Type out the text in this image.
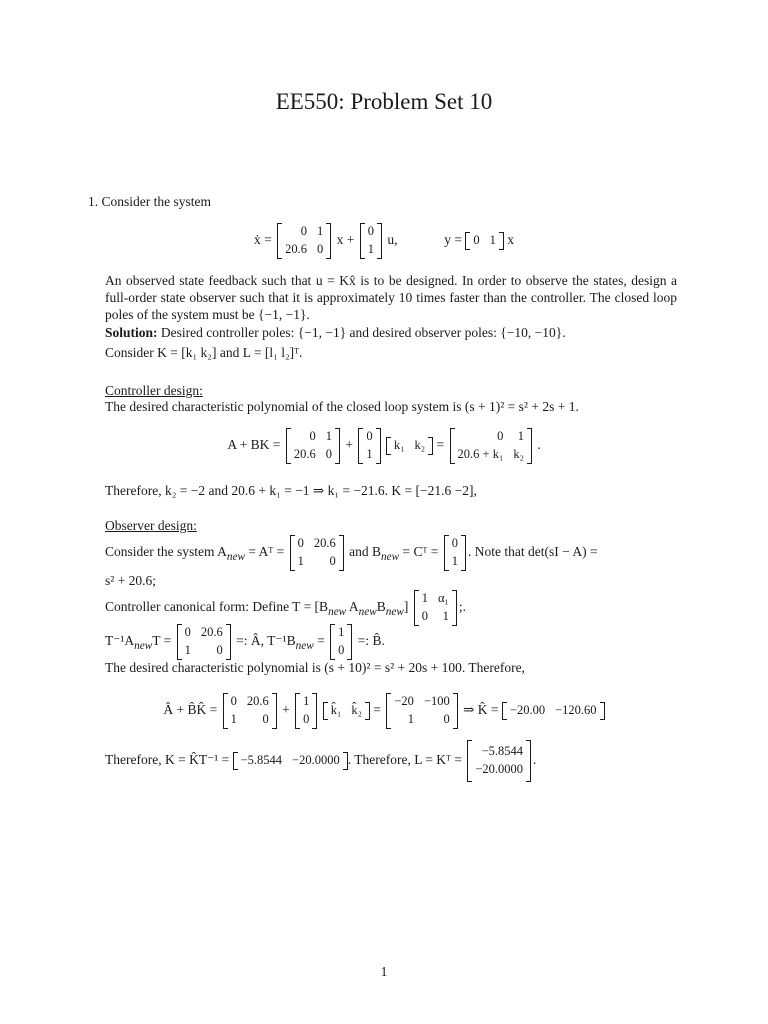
EE550: Problem Set 10
1. Consider the system
ẋ =
0 1
20.6 0
x +
0
1
u,	y = 0 1 x
An observed state feedback such that u = Kx̂ is to be designed. In order to observe the states, design a full-order state observer such that it is approximately 10 times faster than the controller. The closed loop poles of the system must be {−1, −1}.
Solution: Desired controller poles: {−1, −1} and desired observer poles: {−10, −10}.
Consider K = [k₁ k₂] and L = [l₁ l₂]ᵀ.
Controller design:
The desired characteristic polynomial of the closed loop system is (s + 1)² = s² + 2s + 1.
A + BK =
0 1
20.6 0
+
0
1

k₁ k₂ =
0	1
20.6 + k₁ k₂
.
Therefore, k₂ = −2 and 20.6 + k₁ = −1 ⇒ k₁ = −21.6. K = [−21.6 −2],
Observer design:
Consider the system $A_{new}$ = Aᵀ =
0 20.6
1	0
and $B_{new}$ = Cᵀ =
0
1
. Note that det(sI − A) =
s² + 20.6;
Controller canonical form: Define $T = [B_{new}$ $A_{new}B_{new}$]
1 α₁
0	1
;.
$T^{-1}A_{new}T$ =
0 20.6
1	0
=: Â, $T^{-1}B_{new}$ =
1
0
=: B̂.
The desired characteristic polynomial is (s + 10)² = s² + 20s + 100. Therefore,
Â + B̂K̂ =
0 20.6
1	0
+
1
0

k̂₁ k̂₂ =
−20 −100
1	0
⇒ K̂ = −20.00 −120.60
Therefore, K = K̂T⁻¹ = −5.8544 −20.0000 . Therefore, L = Kᵀ =
−5.8544
−20.0000
.
1
